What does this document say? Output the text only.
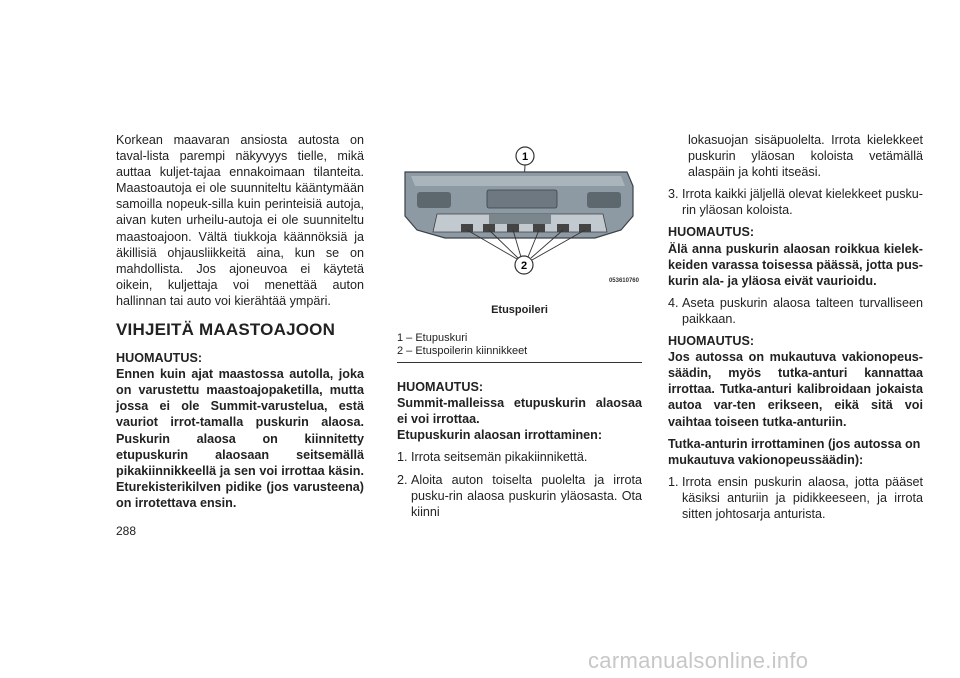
Korkean maavaran ansiosta autosta on taval-lista parempi näkyvyys tielle, mikä auttaa kuljet-tajaa ennakoimaan tilanteita. Maastoautoja ei ole suunniteltu kääntymään samoilla nopeuk-silla kuin perinteisiä autoja, aivan kuten urheilu-autoja ei ole suunniteltu maastoajoon. Vältä tiukkoja käännöksiä ja äkillisiä ohjausliikkeitä aina, kun se on mahdollista. Jos ajoneuvoa ei käytetä oikein, kuljettaja voi menettää auton hallinnan tai auto voi kierähtää ympäri.

VIHJEITÄ MAASTOAJOON

HUOMAUTUS:

Ennen kuin ajat maastossa autolla, joka on varustettu maastoajopaketilla, mutta jossa ei ole Summit-varustelua, estä vauriot irrot-tamalla puskurin alaosa. Puskurin alaosa on kiinnitetty etupuskurin alaosaan seitsemällä pikakiinnikkeellä ja sen voi irrottaa käsin. Eturekisterikilven pidike (jos varusteena) on irrotettava ensin.

1
2
053610760
Etuspoileri
1 – Etupuskuri
2 – Etuspoilerin kiinnikkeet

HUOMAUTUS:

Summit-malleissa etupuskurin alaosaa ei voi irrottaa.

Etupuskurin alaosan irrottaminen:

1. Irrota seitsemän pikakiinnikettä.
2. Aloita auton toiselta puolelta ja irrota pusku-rin alaosa puskurin yläosasta. Ota kiinni

lokasuojan sisäpuolelta. Irrota kielekkeet puskurin yläosan koloista vetämällä alaspäin ja kohti itseäsi.

3. Irrota kaikki jäljellä olevat kielekkeet pusku-rin yläosan koloista.

HUOMAUTUS:

Älä anna puskurin alaosan roikkua kielek-keiden varassa toisessa päässä, jotta pus-kurin ala- ja yläosa eivät vaurioidu.

4. Aseta puskurin alaosa talteen turvalliseen paikkaan.

HUOMAUTUS:

Jos autossa on mukautuva vakionopeus-säädin, myös tutka-anturi kannattaa irrottaa. Tutka-anturi kalibroidaan jokaista autoa var-ten erikseen, eikä sitä voi vaihtaa toiseen tutka-anturiin.

Tutka-anturin irrottaminen (jos autossa on mukautuva vakionopeussäädin):

1. Irrota ensin puskurin alaosa, jotta pääset käsiksi anturiin ja pidikkeeseen, ja irrota sitten johtosarja anturista.
288
carmanualsonline.info
